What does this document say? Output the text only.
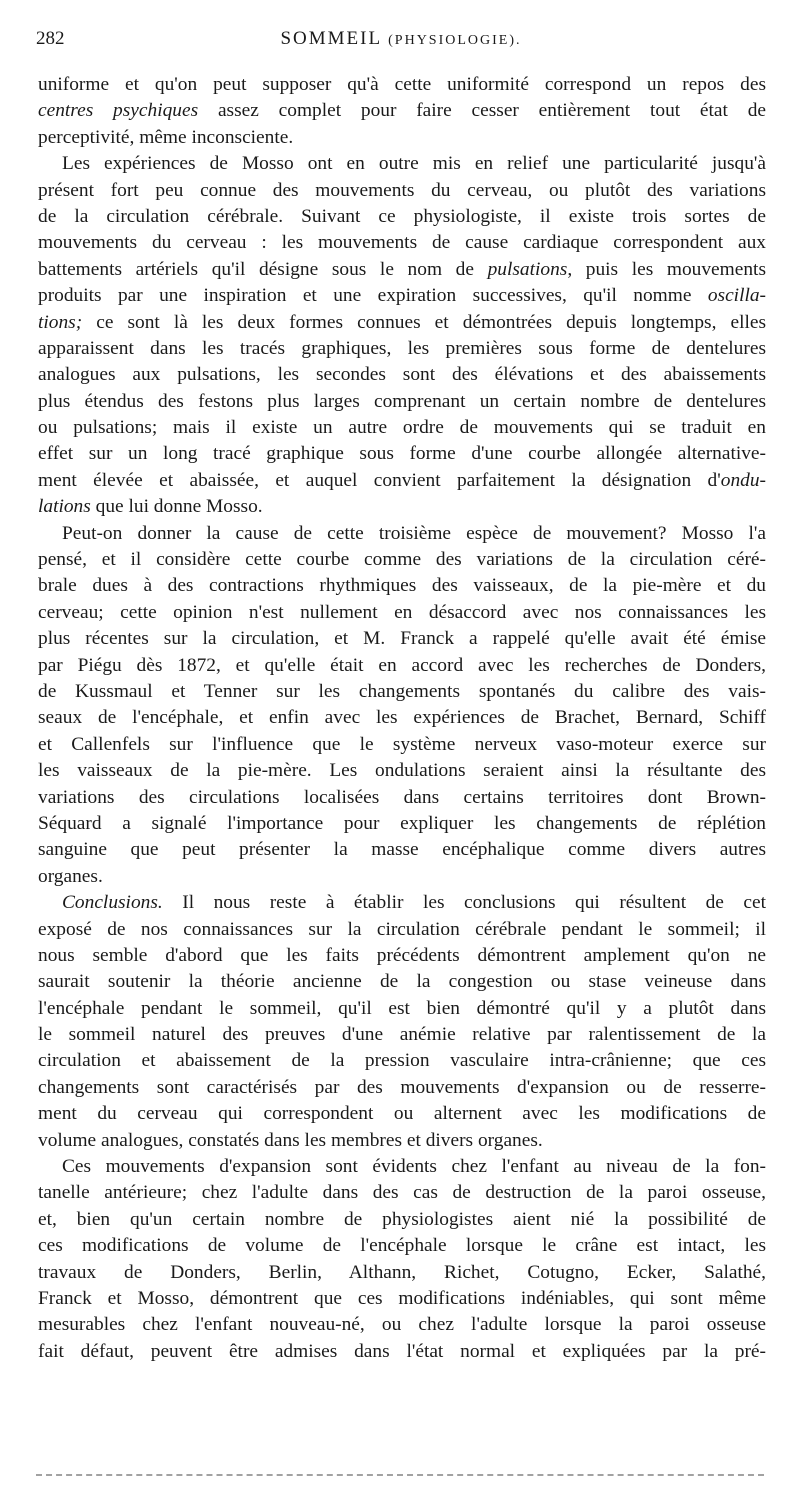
282	SOMMEIL (PHYSIOLOGIE).
uniforme et qu'on peut supposer qu'à cette uniformité correspond un repos des
centres psychiques assez complet pour faire cesser entièrement tout état de
perceptivité, même inconsciente.
Les expériences de Mosso ont en outre mis en relief une particularité jusqu'à
présent fort peu connue des mouvements du cerveau, ou plutôt des variations
de la circulation cérébrale. Suivant ce physiologiste, il existe trois sortes de
mouvements du cerveau : les mouvements de cause cardiaque correspondent aux
battements artériels qu'il désigne sous le nom de pulsations, puis les mouvements
produits par une inspiration et une expiration successives, qu'il nomme oscilla-
tions; ce sont là les deux formes connues et démontrées depuis longtemps, elles
apparaissent dans les tracés graphiques, les premières sous forme de dentelures
analogues aux pulsations, les secondes sont des élévations et des abaissements
plus étendus des festons plus larges comprenant un certain nombre de dentelures
ou pulsations; mais il existe un autre ordre de mouvements qui se traduit en
effet sur un long tracé graphique sous forme d'une courbe allongée alternative-
ment élevée et abaissée, et auquel convient parfaitement la désignation d'ondu-
lations que lui donne Mosso.
Peut-on donner la cause de cette troisième espèce de mouvement? Mosso l'a
pensé, et il considère cette courbe comme des variations de la circulation céré-
brale dues à des contractions rhythmiques des vaisseaux, de la pie-mère et du
cerveau; cette opinion n'est nullement en désaccord avec nos connaissances les
plus récentes sur la circulation, et M. Franck a rappelé qu'elle avait été émise
par Piégu dès 1872, et qu'elle était en accord avec les recherches de Donders,
de Kussmaul et Tenner sur les changements spontanés du calibre des vais-
seaux de l'encéphale, et enfin avec les expériences de Brachet, Bernard, Schiff
et Callenfels sur l'influence que le système nerveux vaso-moteur exerce sur
les vaisseaux de la pie-mère. Les ondulations seraient ainsi la résultante des
variations des circulations localisées dans certains territoires dont Brown-
Séquard a signalé l'importance pour expliquer les changements de réplétion
sanguine que peut présenter la masse encéphalique comme divers autres
organes.
Conclusions. Il nous reste à établir les conclusions qui résultent de cet
exposé de nos connaissances sur la circulation cérébrale pendant le sommeil; il
nous semble d'abord que les faits précédents démontrent amplement qu'on ne
saurait soutenir la théorie ancienne de la congestion ou stase veineuse dans
l'encéphale pendant le sommeil, qu'il est bien démontré qu'il y a plutôt dans
le sommeil naturel des preuves d'une anémie relative par ralentissement de la
circulation et abaissement de la pression vasculaire intra-crânienne; que ces
changements sont caractérisés par des mouvements d'expansion ou de resserre-
ment du cerveau qui correspondent ou alternent avec les modifications de
volume analogues, constatés dans les membres et divers organes.
Ces mouvements d'expansion sont évidents chez l'enfant au niveau de la fon-
tanelle antérieure; chez l'adulte dans des cas de destruction de la paroi osseuse,
et, bien qu'un certain nombre de physiologistes aient nié la possibilité de
ces modifications de volume de l'encéphale lorsque le crâne est intact, les
travaux de Donders, Berlin, Althann, Richet, Cotugno, Ecker, Salathé,
Franck et Mosso, démontrent que ces modifications indéniables, qui sont même
mesurables chez l'enfant nouveau-né, ou chez l'adulte lorsque la paroi osseuse
fait défaut, peuvent être admises dans l'état normal et expliquées par la pré-
